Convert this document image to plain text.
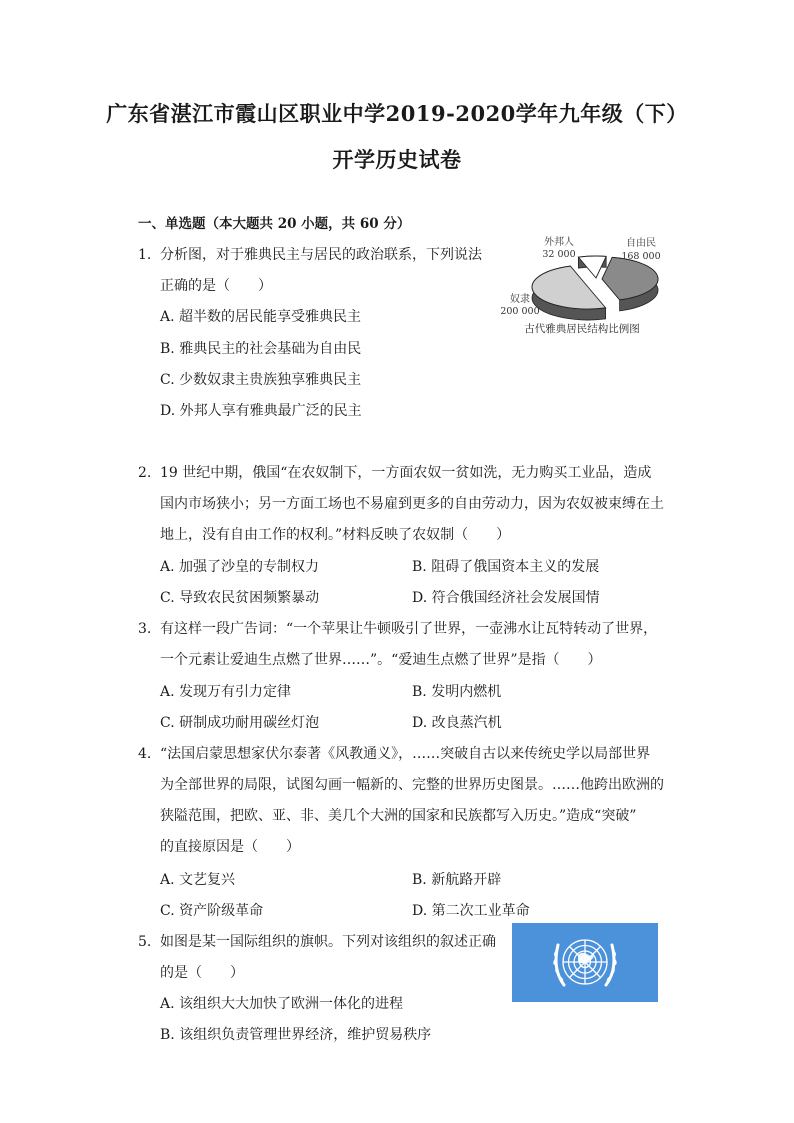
广东省湛江市霞山区职业中学2019-2020学年九年级（下）
开学历史试卷
一、单选题（本大题共 20 小题，共 60 分）
1. 分析图，对于雅典民主与居民的政治联系，下列说法
正确的是（　　）
A. 超半数的居民能享受雅典民主
B. 雅典民主的社会基础为自由民
C. 少数奴隶主贵族独享雅典民主
D. 外邦人享有雅典最广泛的民主
外邦人
32 000
自由民
168 000
奴隶
200 000
古代雅典居民结构比例图
2. 19 世纪中期，俄国“在农奴制下，一方面农奴一贫如洗，无力购买工业品，造成
国内市场狭小；另一方面工场也不易雇到更多的自由劳动力，因为农奴被束缚在土
地上，没有自由工作的权利。”材料反映了农奴制（　　）
A. 加强了沙皇的专制权力	B. 阻碍了俄国资本主义的发展
C. 导致农民贫困频繁暴动	D. 符合俄国经济社会发展国情
3. 有这样一段广告词：“一个苹果让牛顿吸引了世界，一壶沸水让瓦特转动了世界，
一个元素让爱迪生点燃了世界……”。“爱迪生点燃了世界”是指（　　）
A. 发现万有引力定律	B. 发明内燃机
C. 研制成功耐用碳丝灯泡	D. 改良蒸汽机
4. “法国启蒙思想家伏尔泰著《风教通义》，……突破自古以来传统史学以局部世界
为全部世界的局限，试图勾画一幅新的、完整的世界历史图景。……他跨出欧洲的
狭隘范围，把欧、亚、非、美几个大洲的国家和民族都写入历史。”造成“突破”
的直接原因是（　　）
A. 文艺复兴	B. 新航路开辟
C. 资产阶级革命	D. 第二次工业革命
5. 如图是某一国际组织的旗帜。下列对该组织的叙述正确
的是（　　）
A. 该组织大大加快了欧洲一体化的进程
B. 该组织负责管理世界经济，维护贸易秩序
